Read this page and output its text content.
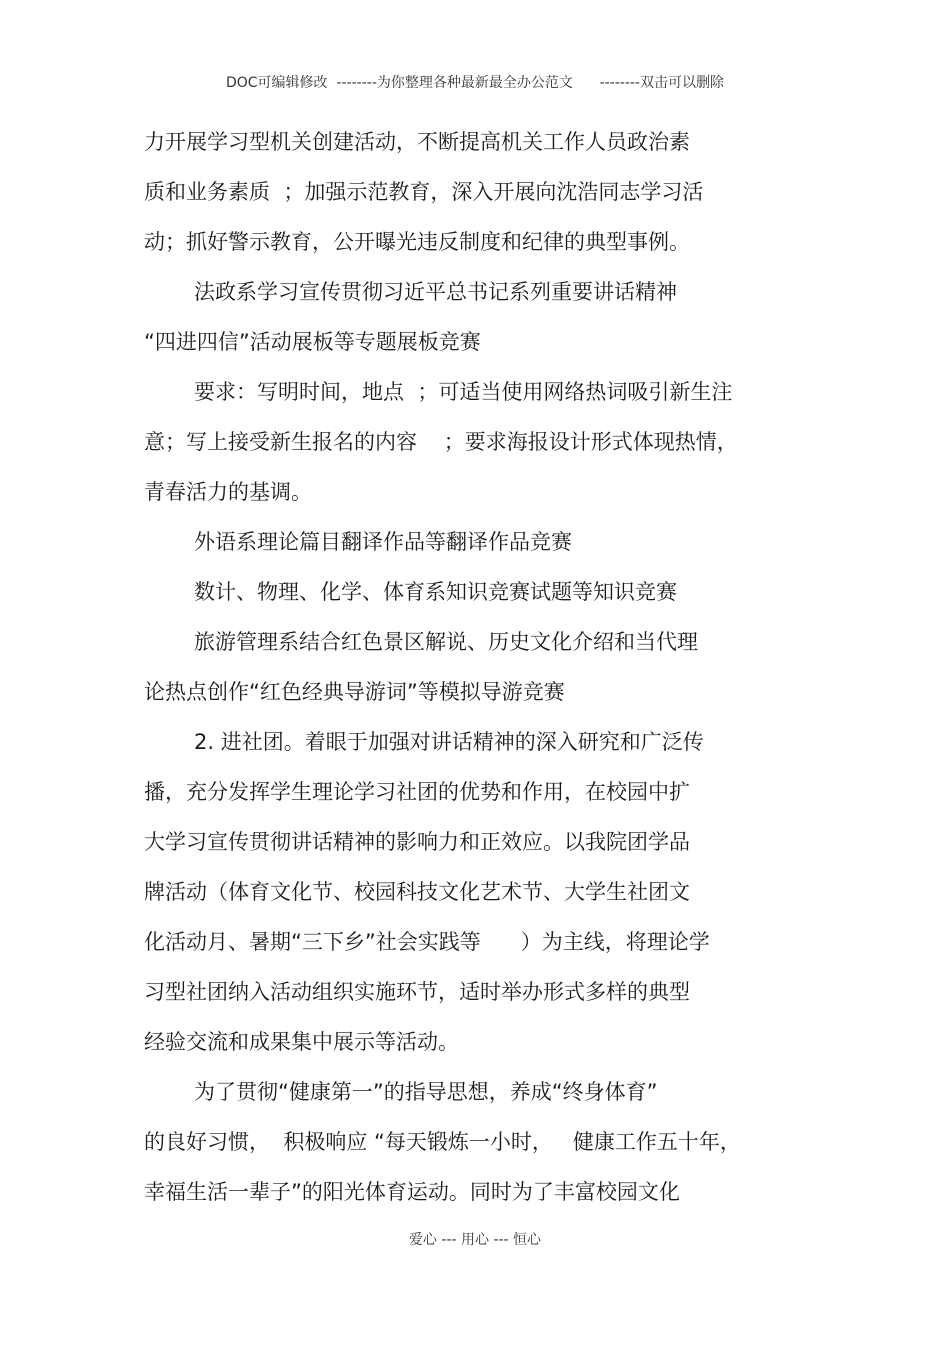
DOC可编辑修改  --------为你整理各种最新最全办公范文      --------双击可以删除
力开展学习型机关创建活动，不断提高机关工作人员政治素
质和业务素质  ；加强示范教育，深入开展向沈浩同志学习活
动；抓好警示教育，公开曝光违反制度和纪律的典型事例。
法政系学习宣传贯彻习近平总书记系列重要讲话精神
“四进四信”活动展板等专题展板竞赛
要求：写明时间，地点  ；可适当使用网络热词吸引新生注
意；写上接受新生报名的内容    ；要求海报设计形式体现热情，
青春活力的基调。
外语系理论篇目翻译作品等翻译作品竞赛
数计、物理、化学、体育系知识竞赛试题等知识竞赛
旅游管理系结合红色景区解说、历史文化介绍和当代理
论热点创作“红色经典导游词”等模拟导游竞赛
2. 进社团。着眼于加强对讲话精神的深入研究和广泛传
播，充分发挥学生理论学习社团的优势和作用，在校园中扩
大学习宣传贯彻讲话精神的影响力和正效应。以我院团学品
牌活动（体育文化节、校园科技文化艺术节、大学生社团文
化活动月、暑期“三下乡”社会实践等      ）为主线，将理论学
习型社团纳入活动组织实施环节，适时举办形式多样的典型
经验交流和成果集中展示等活动。
为了贯彻“健康第一”的指导思想，养成“终身体育”
的良好习惯，  积极响应 “每天锻炼一小时，   健康工作五十年，
幸福生活一辈子”的阳光体育运动。同时为了丰富校园文化
爱心 --- 用心 --- 恒心
